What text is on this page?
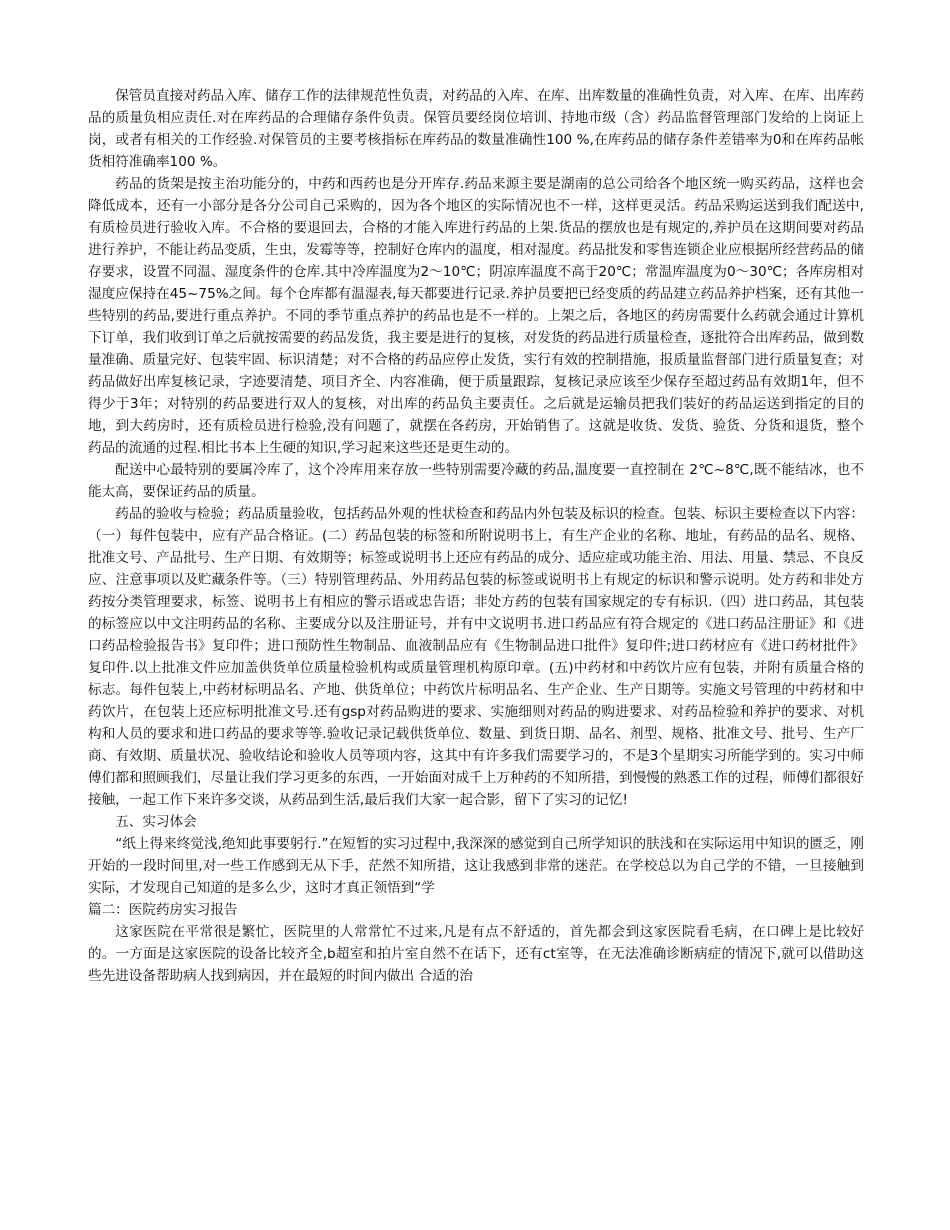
保管员直接对药品入库、储存工作的法律规范性负责，对药品的入库、在库、出库数量的准确性负责，对入库、在库、出库药品的质量负相应责任.对在库药品的合理储存条件负责。保管员要经岗位培训、持地市级（含）药品监督管理部门发给的上岗证上岗，或者有相关的工作经验.对保管员的主要考核指标在库药品的数量准确性100 %,在库药品的储存条件差错率为0和在库药品帐货相符准确率100 %。

药品的货架是按主治功能分的，中药和西药也是分开库存.药品来源主要是湖南的总公司给各个地区统一购买药品，这样也会降低成本，还有一小部分是各分公司自己采购的，因为各个地区的实际情况也不一样，这样更灵活。药品采购运送到我们配送中,有质检员进行验收入库。不合格的要退回去，合格的才能入库进行药品的上架.货品的摆放也是有规定的,养护员在这期间要对药品进行养护，不能让药品变质，生虫，发霉等等，控制好仓库内的温度，相对湿度。药品批发和零售连锁企业应根据所经营药品的储存要求，设置不同温、湿度条件的仓库.其中冷库温度为2～10℃；阴凉库温度不高于20℃；常温库温度为0～30℃；各库房相对湿度应保持在45~75%之间。每个仓库都有温湿表,每天都要进行记录.养护员要把已经变质的药品建立药品养护档案，还有其他一些特别的药品,要进行重点养护。不同的季节重点养护的药品也是不一样的。上架之后，各地区的药房需要什么药就会通过计算机下订单，我们收到订单之后就按需要的药品发货，我主要是进行的复核，对发货的药品进行质量检查，逐批符合出库药品，做到数量准确、质量完好、包装牢固、标识清楚；对不合格的药品应停止发货，实行有效的控制措施，报质量监督部门进行质量复查；对药品做好出库复核记录，字迹要清楚、项目齐全、内容准确，便于质量跟踪，复核记录应该至少保存至超过药品有效期1年，但不得少于3年；对特别的药品要进行双人的复核，对出库的药品负主要责任。之后就是运输员把我们装好的药品运送到指定的目的地，到大药房时，还有质检员进行检验,没有问题了，就摆在各药房，开始销售了。这就是收货、发货、验货、分货和退货，整个药品的流通的过程.相比书本上生硬的知识,学习起来这些还是更生动的。

配送中心最特别的要属冷库了，这个冷库用来存放一些特别需要冷藏的药品,温度要一直控制在 2℃~8℃,既不能结冰，也不能太高，要保证药品的质量。

药品的验收与检验；药品质量验收，包括药品外观的性状检查和药品内外包装及标识的检查。包装、标识主要检查以下内容：（一）每件包装中，应有产品合格证。(二）药品包装的标签和所附说明书上，有生产企业的名称、地址，有药品的品名、规格、批准文号、产品批号、生产日期、有效期等；标签或说明书上还应有药品的成分、适应症或功能主治、用法、用量、禁忌、不良反应、注意事项以及贮藏条件等。（三）特别管理药品、外用药品包装的标签或说明书上有规定的标识和警示说明。处方药和非处方药按分类管理要求，标签、说明书上有相应的警示语或忠告语；非处方药的包装有国家规定的专有标识.（四）进口药品，其包装的标签应以中文注明药品的名称、主要成分以及注册证号，并有中文说明书.进口药品应有符合规定的《进口药品注册证》和《进口药品检验报告书》复印件；进口预防性生物制品、血液制品应有《生物制品进口批件》复印件;进口药材应有《进口药材批件》复印件.以上批准文件应加盖供货单位质量检验机构或质量管理机构原印章。(五)中药材和中药饮片应有包装，并附有质量合格的标志。每件包装上,中药材标明品名、产地、供货单位；中药饮片标明品名、生产企业、生产日期等。实施文号管理的中药材和中药饮片，在包装上还应标明批准文号.还有gsp对药品购进的要求、实施细则对药品的购进要求、对药品检验和养护的要求、对机构和人员的要求和进口药品的要求等等.验收记录记载供货单位、数量、到货日期、品名、剂型、规格、批准文号、批号、生产厂商、有效期、质量状况、验收结论和验收人员等项内容，这其中有许多我们需要学习的，不是3个星期实习所能学到的。实习中师傅们都和照顾我们，尽量让我们学习更多的东西，一开始面对成千上万种药的不知所措，到慢慢的熟悉工作的过程，师傅们都很好接触，一起工作下来许多交谈，从药品到生活,最后我们大家一起合影，留下了实习的记忆!

五、实习体会

“纸上得来终觉浅,绝知此事要躬行.”在短暂的实习过程中,我深深的感觉到自己所学知识的肤浅和在实际运用中知识的匮乏，刚开始的一段时间里,对一些工作感到无从下手，茫然不知所措，这让我感到非常的迷茫。在学校总以为自己学的不错，一旦接触到实际，才发现自己知道的是多么少，这时才真正领悟到“学

篇二：医院药房实习报告

这家医院在平常很是繁忙，医院里的人常常忙不过来,凡是有点不舒适的，首先都会到这家医院看毛病，在口碑上是比较好的。一方面是这家医院的设备比较齐全,b超室和拍片室自然不在话下，还有ct室等，在无法准确诊断病症的情况下,就可以借助这些先进设备帮助病人找到病因，并在最短的时间内做出 合适的治
